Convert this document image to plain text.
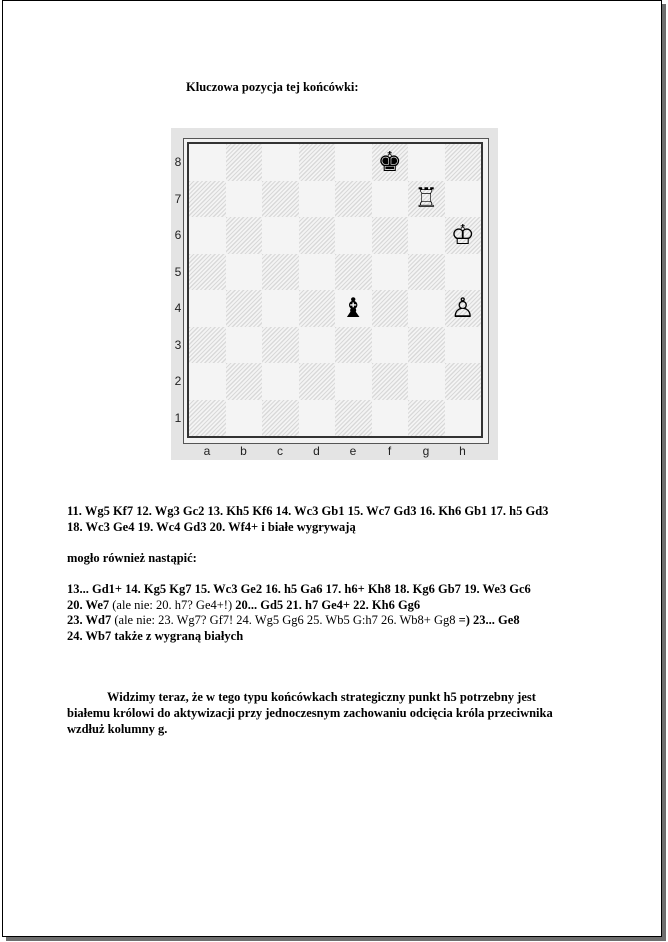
Kluczowa pozycja tej końcówki:
♚
♖
♔
♝	♙
8
7
6
5
4
3
2
1
a	b	c	d	e	f	g	h
11. Wg5 Kf7 12. Wg3 Gc2 13. Kh5 Kf6 14. Wc3 Gb1 15. Wc7 Gd3 16. Kh6 Gb1 17. h5 Gd3
18. Wc3 Ge4 19. Wc4 Gd3 20. Wf4+ i białe wygrywają
mogło również nastąpić:
13... Gd1+ 14. Kg5 Kg7 15. Wc3 Ge2 16. h5 Ga6 17. h6+ Kh8 18. Kg6 Gb7 19. We3 Gc6
20. We7 (ale nie: 20. h7? Ge4+!) 20... Gd5 21. h7 Ge4+ 22. Kh6 Gg6
23. Wd7 (ale nie: 23. Wg7? Gf7! 24. Wg5 Gg6 25. Wb5 G:h7 26. Wb8+ Gg8 =) 23... Ge8
24. Wb7 także z wygraną białych
Widzimy teraz, że w tego typu końcówkach strategiczny punkt h5 potrzebny jest
białemu królowi do aktywizacji przy jednoczesnym zachowaniu odcięcia króla przeciwnika
wzdłuż kolumny g.
